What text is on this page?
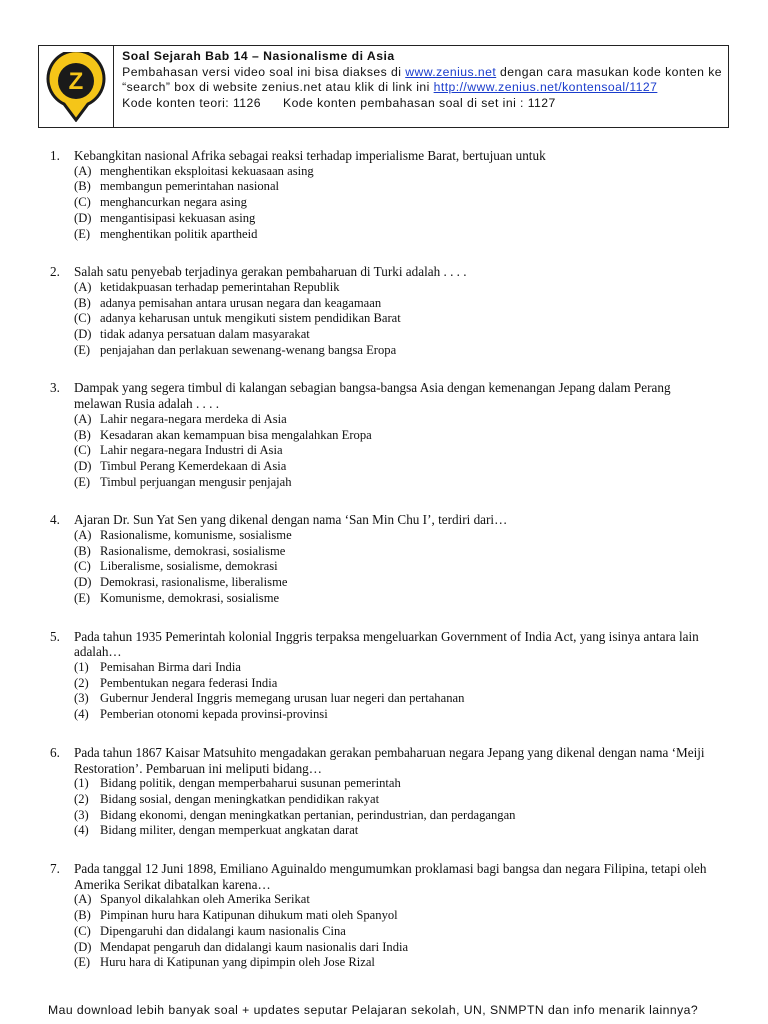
Z
Soal Sejarah Bab 14 – Nasionalisme di Asia
Pembahasan versi video soal ini bisa diakses di www.zenius.net dengan cara masukan kode konten ke
“search” box di website zenius.net atau klik di link ini http://www.zenius.net/kontensoal/1127
Kode konten teori: 1126 Kode konten pembahasan soal di set ini : 1127
1.	Kebangkitan nasional Afrika sebagai reaksi terhadap imperialisme Barat, bertujuan untuk
(A) menghentikan eksploitasi kekuasaan asing
(B) membangun pemerintahan nasional
(C) menghancurkan negara asing
(D) mengantisipasi kekuasan asing
(E) menghentikan politik apartheid
2.	Salah satu penyebab terjadinya gerakan pembaharuan di Turki adalah . . . .
(A) ketidakpuasan terhadap pemerintahan Republik
(B) adanya pemisahan antara urusan negara dan keagamaan
(C) adanya keharusan untuk mengikuti sistem pendidikan Barat
(D) tidak adanya persatuan dalam masyarakat
(E) penjajahan dan perlakuan sewenang-wenang bangsa Eropa
3.	Dampak yang segera timbul di kalangan sebagian bangsa-bangsa Asia dengan kemenangan Jepang dalam Perang melawan Rusia adalah . . . .
(A) Lahir negara-negara merdeka di Asia
(B) Kesadaran akan kemampuan bisa mengalahkan Eropa
(C) Lahir negara-negara Industri di Asia
(D) Timbul Perang Kemerdekaan di Asia
(E) Timbul perjuangan mengusir penjajah
4.	Ajaran Dr. Sun Yat Sen yang dikenal dengan nama ‘San Min Chu I’, terdiri dari…
(A) Rasionalisme, komunisme, sosialisme
(B) Rasionalisme, demokrasi, sosialisme
(C) Liberalisme, sosialisme, demokrasi
(D) Demokrasi, rasionalisme, liberalisme
(E) Komunisme, demokrasi, sosialisme
5.	Pada tahun 1935 Pemerintah kolonial Inggris terpaksa mengeluarkan Government of India Act, yang isinya antara lain adalah…
(1) Pemisahan Birma dari India
(2) Pembentukan negara federasi India
(3) Gubernur Jenderal Inggris memegang urusan luar negeri dan pertahanan
(4) Pemberian otonomi kepada provinsi-provinsi
6.	Pada tahun 1867 Kaisar Matsuhito mengadakan gerakan pembaharuan negara Jepang yang dikenal dengan nama ‘Meiji Restoration’. Pembaruan ini meliputi bidang…
(1) Bidang politik, dengan memperbaharui susunan pemerintah
(2) Bidang sosial, dengan meningkatkan pendidikan rakyat
(3) Bidang ekonomi, dengan meningkatkan pertanian, perindustrian, dan perdagangan
(4) Bidang militer, dengan memperkuat angkatan darat
7.	Pada tanggal 12 Juni 1898, Emiliano Aguinaldo mengumumkan proklamasi bagi bangsa dan negara Filipina, tetapi oleh Amerika Serikat dibatalkan karena…
(A) Spanyol dikalahkan oleh Amerika Serikat
(B) Pimpinan huru hara Katipunan dihukum mati oleh Spanyol
(C) Dipengaruhi dan didalangi kaum nasionalis Cina
(D) Mendapat pengaruh dan didalangi kaum nasionalis dari India
(E) Huru hara di Katipunan yang dipimpin oleh Jose Rizal
Mau download lebih banyak soal + updates seputar Pelajaran sekolah, UN, SNMPTN dan info menarik lainnya?
